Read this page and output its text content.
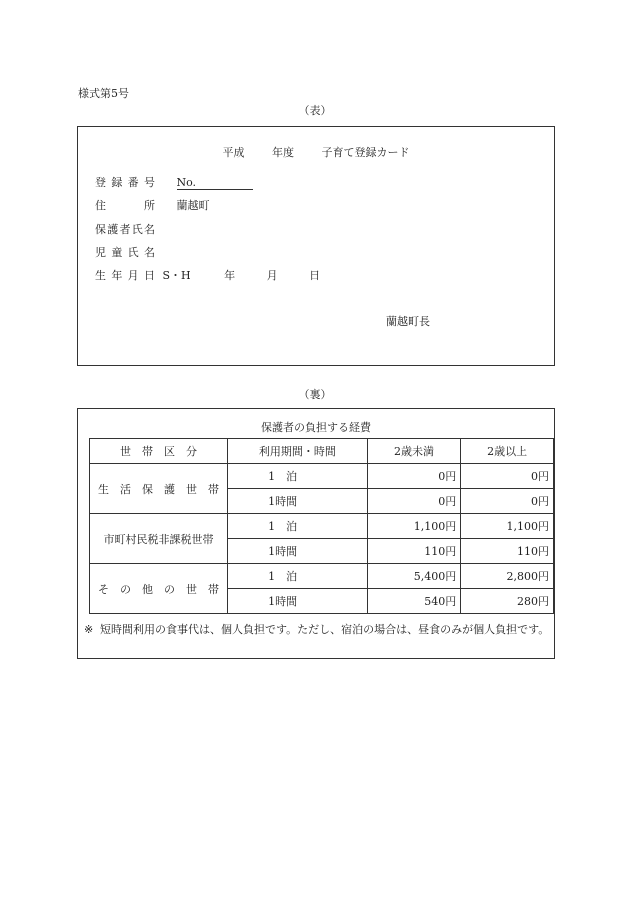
様式第5号
（表）
平成	年度	子育て登録カード
登録番号 No.
住所 蘭越町
保護者氏名
児童氏名
生年月日 S・H	年	月	日
蘭越町長
（裏）
保護者の負担する経費
世　帯　区　分	利用期間・時間	2歳未満	2歳以上
生　活　保　護　世　帯	1　泊	0円	0円
	1時間	0円	0円
市町村民税非課税世帯	1　泊	1,100円	1,100円
	1時間	110円	110円
そ　の　他　の　世　帯	1　泊	5,400円	2,800円
	1時間	540円	280円
※ 短時間利用の食事代は、個人負担です。ただし、宿泊の場合は、昼食のみが個人負担です。
